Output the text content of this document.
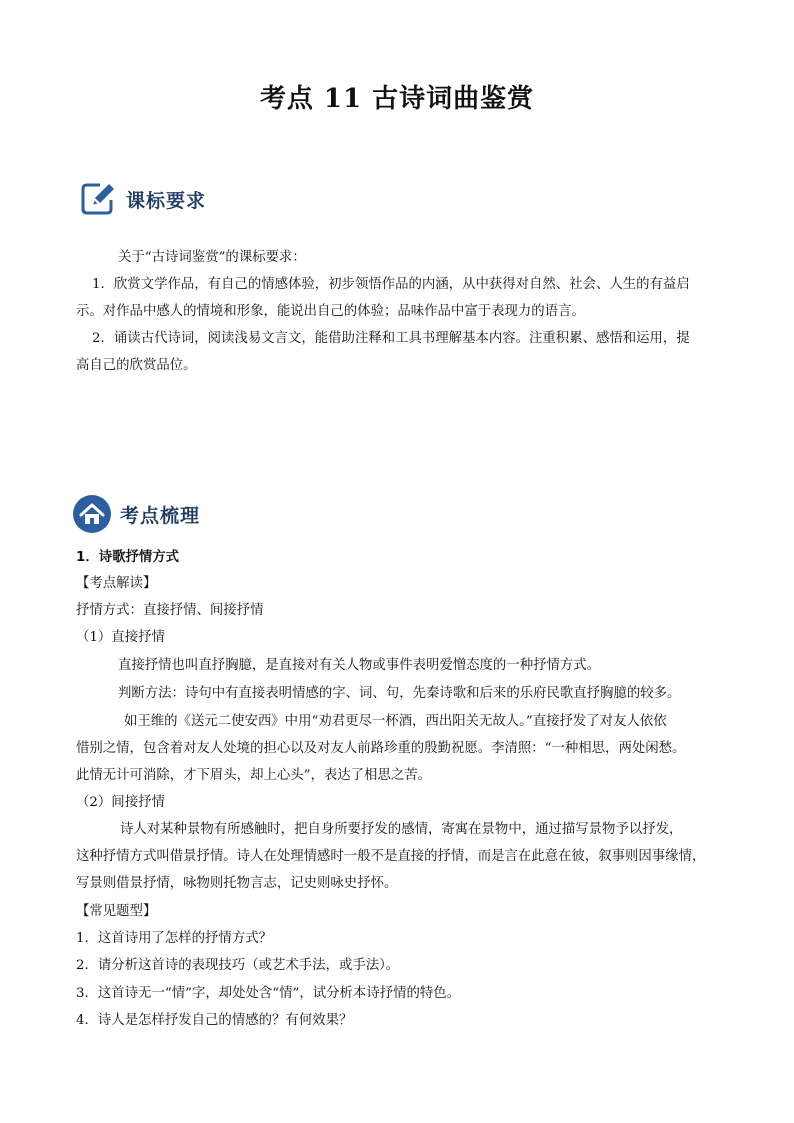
考点 11 古诗词曲鉴赏
课标要求
关于“古诗词鉴赏”的课标要求：
1．欣赏文学作品，有自己的情感体验，初步领悟作品的内涵，从中获得对自然、社会、人生的有益启
示。对作品中感人的情境和形象，能说出自己的体验；品味作品中富于表现力的语言。
2．诵读古代诗词，阅读浅易文言文，能借助注释和工具书理解基本内容。注重积累、感悟和运用，提
高自己的欣赏品位。
考点梳理
1．诗歌抒情方式
【考点解读】
抒情方式：直接抒情、间接抒情
（1）直接抒情
直接抒情也叫直抒胸臆，是直接对有关人物或事件表明爱憎态度的一种抒情方式。
判断方法：诗句中有直接表明情感的字、词、句，先秦诗歌和后来的乐府民歌直抒胸臆的较多。
如王维的《送元二使安西》中用“劝君更尽一杯酒，西出阳关无故人。”直接抒发了对友人依依
惜别之情，包含着对友人处境的担心以及对友人前路珍重的殷勤祝愿。李清照：“一种相思，两处闲愁。
此情无计可消除，才下眉头，却上心头”，表达了相思之苦。
（2）间接抒情
诗人对某种景物有所感触时，把自身所要抒发的感情，寄寓在景物中，通过描写景物予以抒发，
这种抒情方式叫借景抒情。诗人在处理情感时一般不是直接的抒情，而是言在此意在彼，叙事则因事缘情，
写景则借景抒情，咏物则托物言志，记史则咏史抒怀。
【常见题型】
1．这首诗用了怎样的抒情方式？
2．请分析这首诗的表现技巧（或艺术手法，或手法）。
3．这首诗无一“情”字，却处处含“情”，试分析本诗抒情的特色。
4．诗人是怎样抒发自己的情感的？有何效果？
